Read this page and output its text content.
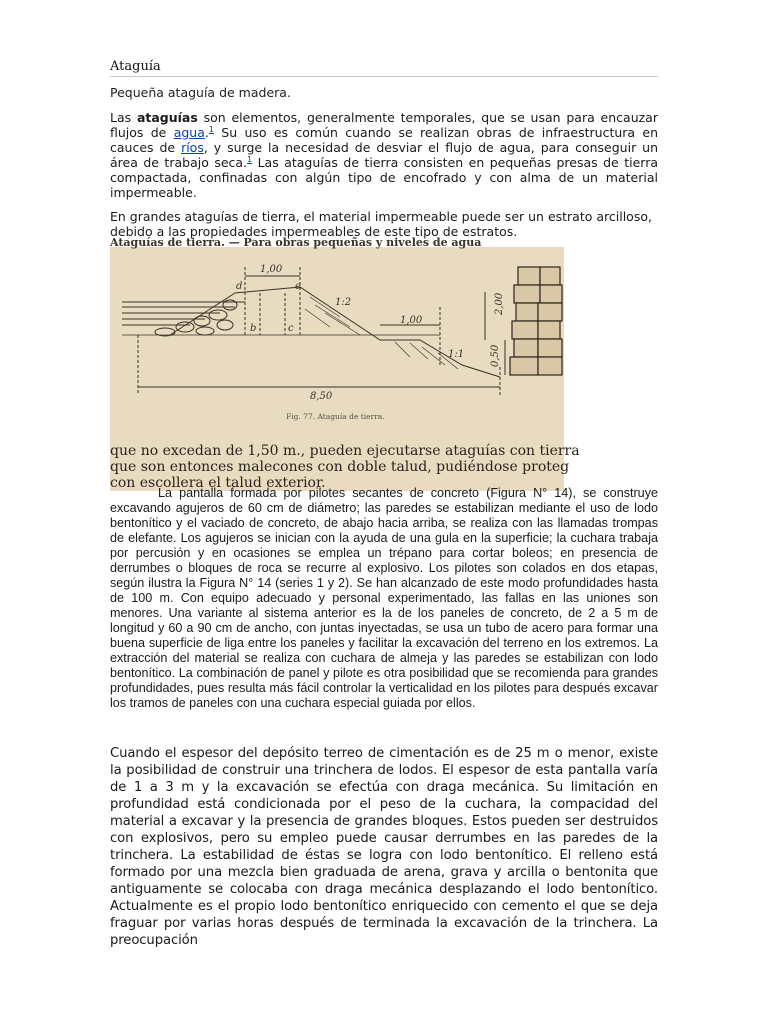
Ataguía
Pequeña ataguía de madera.
Las ataguías son elementos, generalmente temporales, que se usan para encauzar flujos de agua.$^1$ Su uso es común cuando se realizan obras de infraestructura en cauces de ríos, y surge la necesidad de desviar el flujo de agua, para conseguir un área de trabajo seca.$^1$ Las ataguías de tierra consisten en pequeñas presas de tierra compactada, confinadas con algún tipo de encofrado y con alma de un material impermeable.
En grandes ataguías de tierra, el material impermeable puede ser un estrato arcilloso, debido a las propiedades impermeables de este tipo de estratos.
Ataguías de tierra. — Para obras pequeñas y niveles de agua
1,00
d	e
b	c
1:2
1,00
1:1
2,00
0,50
8,50
Fig. 77. Ataguía de tierra.
que no excedan de 1,50 m., pueden ejecutarse ataguías con tierra
que son entonces malecones con doble talud, pudiéndose proteg
con escollera el talud exterior.
La pantalla formada por pilotes secantes de concreto (Figura N° 14), se construye excavando agujeros de 60 cm de diámetro; las paredes se estabilizan mediante el uso de lodo bentonítico y el vaciado de concreto, de abajo hacia arriba, se realiza con las llamadas trompas de elefante. Los agujeros se inician con la ayuda de una gula en la superficie; la cuchara trabaja por percusión y en ocasiones se emplea un trépano para cortar boleos; en presencia de derrumbes o bloques de roca se recurre al explosivo. Los pilotes son colados en dos etapas, según ilustra la Figura N° 14 (series 1 y 2). Se han alcanzado de este modo profundidades hasta de 100 m. Con equipo adecuado y personal experimentado, las fallas en las uniones son menores. Una variante al sistema anterior es la de los paneles de concreto, de 2 a 5 m de longitud y 60 a 90 cm de ancho, con juntas inyectadas, se usa un tubo de acero para formar una buena superficie de liga entre los paneles y facilitar la excavación del terreno en los extremos. La extracción del material se realiza con cuchara de almeja y las paredes se estabilizan con lodo bentonítico. La combinación de panel y pilote es otra posibilidad que se recomienda para grandes profundidades, pues resulta más fácil controlar la verticalidad en los pilotes para después excavar los tramos de paneles con una cuchara especial guiada por ellos.
Cuando el espesor del depósito terreo de cimentación es de 25 m o menor, existe la posibilidad de construir una trinchera de lodos. El espesor de esta pantalla varía de 1 a 3 m y la excavación se efectúa con draga mecánica. Su limitación en profundidad está condicionada por el peso de la cuchara, la compacidad del material a excavar y la presencia de grandes bloques. Estos pueden ser destruidos con explosivos, pero su empleo puede causar derrumbes en las paredes de la trinchera. La estabilidad de éstas se logra con lodo bentonítico. El relleno está formado por una mezcla bien graduada de arena, grava y arcilla o bentonita que antiguamente se colocaba con draga mecánica desplazando el lodo bentonítico. Actualmente es el propio lodo bentonítico enriquecido con cemento el que se deja fraguar por varias horas después de terminada la excavación de la trinchera. La preocupación
